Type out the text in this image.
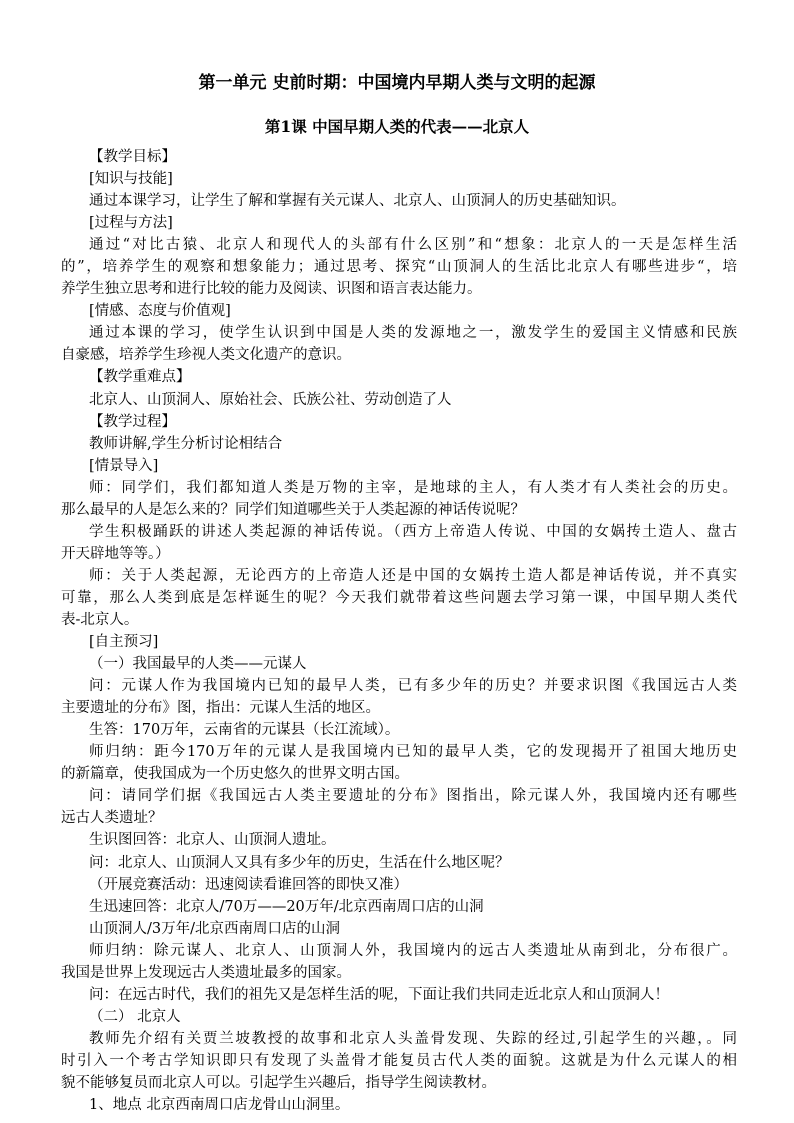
第一单元 史前时期：中国境内早期人类与文明的起源
第1课 中国早期人类的代表——北京人
【教学目标】
[知识与技能]
通过本课学习，让学生了解和掌握有关元谋人、北京人、山顶洞人的历史基础知识。
[过程与方法]
通过“对比古猿、北京人和现代人的头部有什么区别”和“想象：北京人的一天是怎样生活
的”，培养学生的观察和想象能力；通过思考、探究“山顶洞人的生活比北京人有哪些进步“，培
养学生独立思考和进行比较的能力及阅读、识图和语言表达能力。
[情感、态度与价值观]
通过本课的学习，使学生认识到中国是人类的发源地之一，激发学生的爱国主义情感和民族
自豪感，培养学生珍视人类文化遗产的意识。
【教学重难点】
北京人、山顶洞人、原始社会、氏族公社、劳动创造了人
【教学过程】
教师讲解,学生分析讨论相结合
[情景导入]
师：同学们，我们都知道人类是万物的主宰，是地球的主人，有人类才有人类社会的历史。
那么最早的人是怎么来的？同学们知道哪些关于人类起源的神话传说呢？
学生积极踊跃的讲述人类起源的神话传说。（西方上帝造人传说、中国的女娲抟土造人、盘古
开天辟地等等。）
师：关于人类起源，无论西方的上帝造人还是中国的女娲抟土造人都是神话传说，并不真实
可靠，那么人类到底是怎样诞生的呢？今天我们就带着这些问题去学习第一课，中国早期人类代
表-北京人。
[自主预习]
（一）我国最早的人类——元谋人
问：元谋人作为我国境内已知的最早人类，已有多少年的历史？并要求识图《我国远古人类
主要遗址的分布》图，指出：元谋人生活的地区。
生答：170万年，云南省的元谋县（长江流域）。
师归纳：距今170万年的元谋人是我国境内已知的最早人类，它的发现揭开了祖国大地历史
的新篇章，使我国成为一个历史悠久的世界文明古国。
问：请同学们据《我国远古人类主要遗址的分布》图指出，除元谋人外，我国境内还有哪些
远古人类遗址？
生识图回答：北京人、山顶洞人遗址。
问：北京人、山顶洞人又具有多少年的历史，生活在什么地区呢？
（开展竞赛活动：迅速阅读看谁回答的即快又准）
生迅速回答：北京人/70万——20万年/北京西南周口店的山洞
山顶洞人/3万年/北京西南周口店的山洞
师归纳：除元谋人、北京人、山顶洞人外，我国境内的远古人类遗址从南到北，分布很广。
我国是世界上发现远古人类遗址最多的国家。
问：在远古时代，我们的祖先又是怎样生活的呢，下面让我们共同走近北京人和山顶洞人！
（二） 北京人
教师先介绍有关贾兰坡教授的故事和北京人头盖骨发现、失踪的经过,引起学生的兴趣，。同
时引入一个考古学知识即只有发现了头盖骨才能复员古代人类的面貌。这就是为什么元谋人的相
貌不能够复员而北京人可以。引起学生兴趣后，指导学生阅读教材。
1、地点 北京西南周口店龙骨山山洞里。
